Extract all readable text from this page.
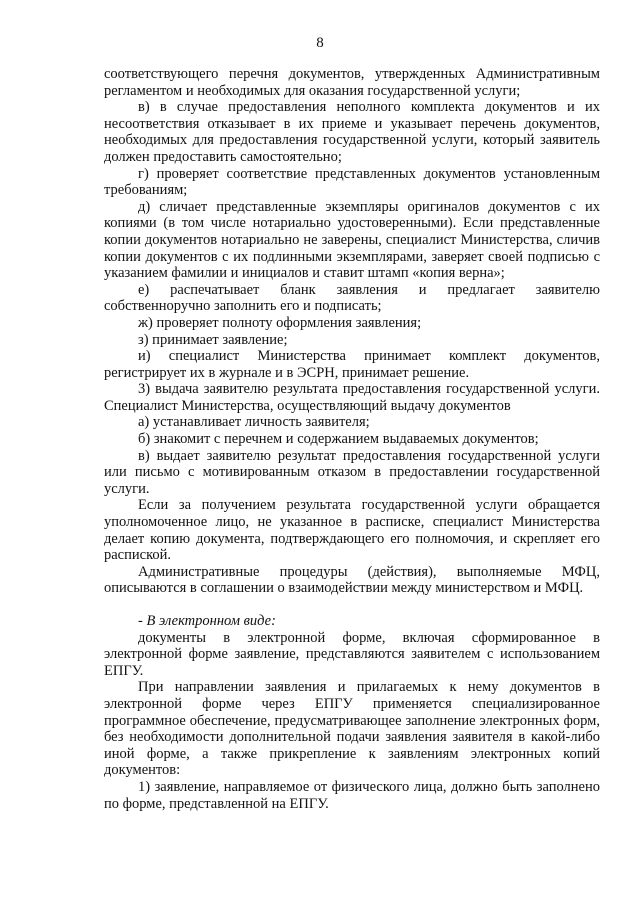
8

соответствующего перечня документов, утвержденных Административным регламентом и необходимых для оказания государственной услуги;

в) в случае предоставления неполного комплекта документов и их несоответствия отказывает в их приеме и указывает перечень документов, необходимых для предоставления государственной услуги, который заявитель должен предоставить самостоятельно;

г) проверяет соответствие представленных документов установленным требованиям;

д) сличает представленные экземпляры оригиналов документов с их копиями (в том числе нотариально удостоверенными). Если представленные копии документов нотариально не заверены, специалист Министерства, сличив копии документов с их подлинными экземплярами, заверяет своей подписью с указанием фамилии и инициалов и ставит штамп «копия верна»;

е) распечатывает бланк заявления и предлагает заявителю собственноручно заполнить его и подписать;

ж) проверяет полноту оформления заявления;

з) принимает заявление;

и) специалист Министерства принимает комплект документов, регистрирует их в журнале и в ЭСРН, принимает решение.

3) выдача заявителю результата предоставления государственной услуги. Специалист Министерства, осуществляющий выдачу документов

а) устанавливает личность заявителя;

б) знакомит с перечнем и содержанием выдаваемых документов;

в) выдает заявителю результат предоставления государственной услуги или письмо с мотивированным отказом в предоставлении государственной услуги.

Если за получением результата государственной услуги обращается уполномоченное лицо, не указанное в расписке, специалист Министерства делает копию документа, подтверждающего его полномочия, и скрепляет его распиской.

Административные процедуры (действия), выполняемые МФЦ, описываются в соглашении о взаимодействии между министерством и МФЦ.

- В электронном виде:

документы в электронной форме, включая сформированное в электронной форме заявление, представляются заявителем с использованием ЕПГУ.

При направлении заявления и прилагаемых к нему документов в электронной форме через ЕПГУ применяется специализированное программное обеспечение, предусматривающее заполнение электронных форм, без необходимости дополнительной подачи заявления заявителя в какой-либо иной форме, а также прикрепление к заявлениям электронных копий документов:

1) заявление, направляемое от физического лица, должно быть заполнено по форме, представленной на ЕПГУ.
